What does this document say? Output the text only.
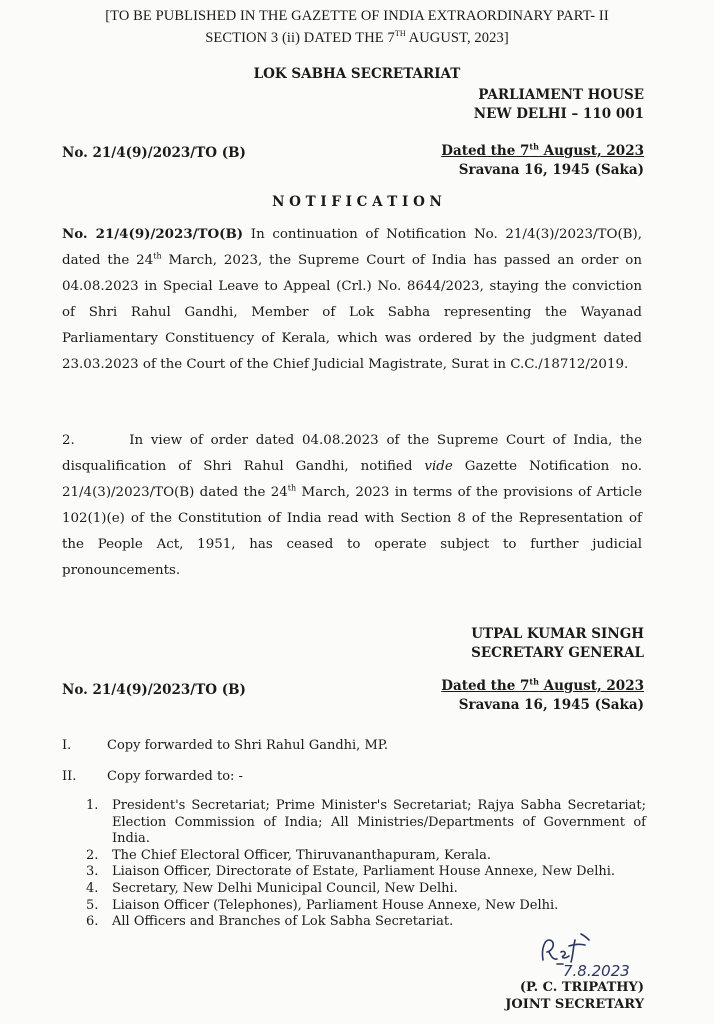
[TO BE PUBLISHED IN THE GAZETTE OF INDIA EXTRAORDINARY PART- II
SECTION 3 (ii) DATED THE 7TH AUGUST, 2023]
LOK SABHA SECRETARIAT
PARLIAMENT HOUSE
NEW DELHI – 110 001
No. 21/4(9)/2023/TO (B)	Dated the 7th August, 2023
Sravana 16, 1945 (Saka)
N O T I F I C A T I O N

No. 21/4(9)/2023/TO(B) In continuation of Notification No. 21/4(3)/2023/TO(B), dated the 24th March, 2023, the Supreme Court of India has passed an order on 04.08.2023 in Special Leave to Appeal (Crl.) No. 8644/2023, staying the conviction of Shri Rahul Gandhi, Member of Lok Sabha representing the Wayanad Parliamentary Constituency of Kerala, which was ordered by the judgment dated 23.03.2023 of the Court of the Chief Judicial Magistrate, Surat in C.C./18712/2019.

2.	In view of order dated 04.08.2023 of the Supreme Court of India, the disqualification of Shri Rahul Gandhi, notified vide Gazette Notification no. 21/4(3)/2023/TO(B) dated the 24th March, 2023 in terms of the provisions of Article 102(1)(e) of the Constitution of India read with Section 8 of the Representation of the People Act, 1951, has ceased to operate subject to further judicial pronouncements.

UTPAL KUMAR SINGH
SECRETARY GENERAL
No. 21/4(9)/2023/TO (B)	Dated the 7th August, 2023
Sravana 16, 1945 (Saka)
I.	Copy forwarded to Shri Rahul Gandhi, MP.
II. Copy forwarded to: -
1. President's Secretariat; Prime Minister's Secretariat; Rajya Sabha Secretariat; Election Commission of India; All Ministries/Departments of Government of India.
2. The Chief Electoral Officer, Thiruvananthapuram, Kerala.
3. Liaison Officer, Directorate of Estate, Parliament House Annexe, New Delhi.
4. Secretary, New Delhi Municipal Council, New Delhi.
5. Liaison Officer (Telephones), Parliament House Annexe, New Delhi.
6. All Officers and Branches of Lok Sabha Secretariat.
7.8.2023
(P. C. TRIPATHY)
JOINT SECRETARY
